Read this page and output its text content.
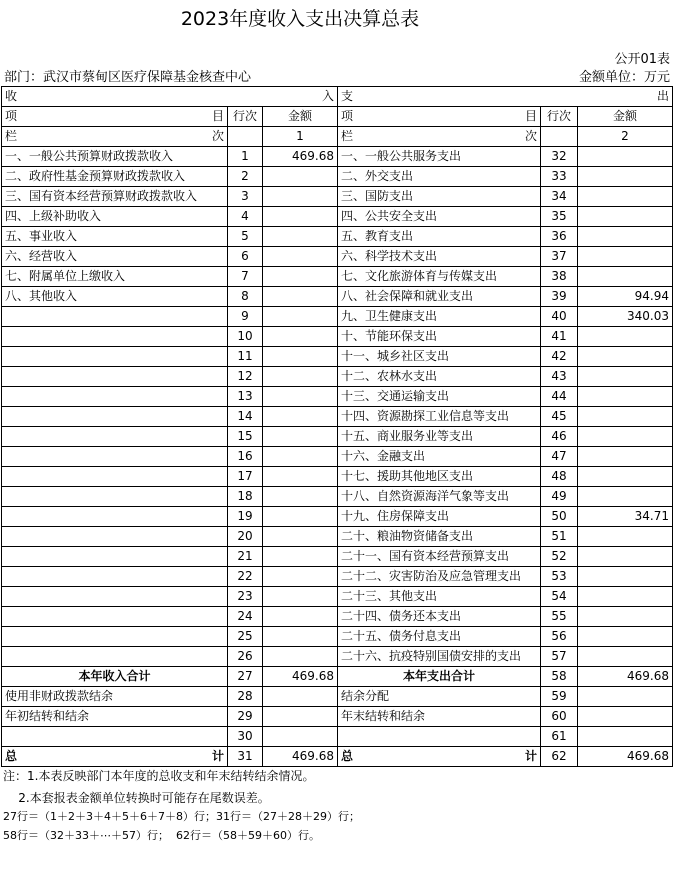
2023年度收入支出决算总表
公开01表
部门：武汉市蔡甸区医疗保障基金核查中心	金额单位：万元
收 入			支 出		

项 目	行次	金额	项 目	行次	金额

栏 次		1	栏 次		2
一、一般公共预算财政拨款收入	1	469.68	一、一般公共服务支出	32	
二、政府性基金预算财政拨款收入	2		二、外交支出	33	
三、国有资本经营预算财政拨款收入	3		三、国防支出	34	
四、上级补助收入	4		四、公共安全支出	35	
五、事业收入	5		五、教育支出	36	
六、经营收入	6		六、科学技术支出	37	
七、附属单位上缴收入	7		七、文化旅游体育与传媒支出	38	
八、其他收入	8		八、社会保障和就业支出	39	94.94
	9		九、卫生健康支出	40	340.03
	10		十、节能环保支出	41	
	11		十一、城乡社区支出	42	
	12		十二、农林水支出	43	
	13		十三、交通运输支出	44	
	14		十四、资源勘探工业信息等支出	45	
	15		十五、商业服务业等支出	46	
	16		十六、金融支出	47	
	17		十七、援助其他地区支出	48	
	18		十八、自然资源海洋气象等支出	49	
	19		十九、住房保障支出	50	34.71
	20		二十、粮油物资储备支出	51	
	21		二十一、国有资本经营预算支出	52	
	22		二十二、灾害防治及应急管理支出	53	
	23		二十三、其他支出	54	
	24		二十四、债务还本支出	55	
	25		二十五、债务付息支出	56	
	26		二十六、抗疫特别国债安排的支出	57	
本年收入合计	27	469.68	本年支出合计	58	469.68
使用非财政拨款结余	28		结余分配	59	
年初结转和结余	29		年末结转和结余	60	
	30			61	

总 计	31	469.68	总 计	62	469.68
注：1.本表反映部门本年度的总收支和年末结转结余情况。
2.本套报表金额单位转换时可能存在尾数误差。
27行＝（1＋2＋3＋4＋5＋6＋7＋8）行；31行＝（27＋28＋29）行；
58行＝（32＋33＋⋯＋57）行；  62行＝（58＋59＋60）行。
